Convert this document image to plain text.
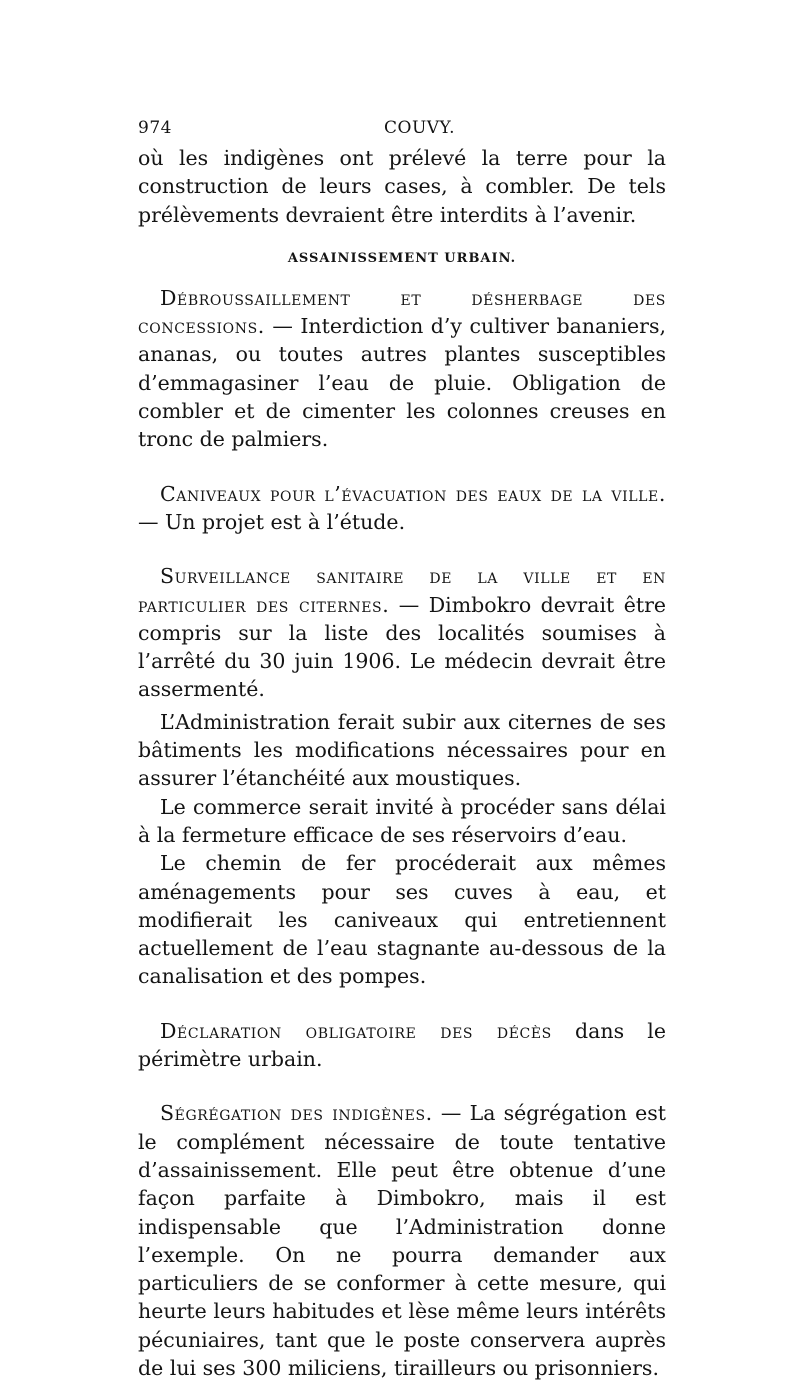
974	COUVY.

où les indigènes ont prélevé la terre pour la construction de leurs cases, à combler. De tels prélèvements devraient être interdits à l’avenir.

ASSAINISSEMENT URBAIN.

Débroussaillement et désherbage des concessions. — Interdiction d’y cultiver bananiers, ananas, ou toutes autres plantes susceptibles d’emmagasiner l’eau de pluie. Obligation de combler et de cimenter les colonnes creuses en tronc de palmiers.

Caniveaux pour l’évacuation des eaux de la ville. — Un projet est à l’étude.

Surveillance sanitaire de la ville et en particulier des citernes. — Dimbokro devrait être compris sur la liste des localités soumises à l’arrêté du 30 juin 1906. Le médecin devrait être assermenté.

L’Administration ferait subir aux citernes de ses bâtiments les modifications nécessaires pour en assurer l’étanchéité aux moustiques.

Le commerce serait invité à procéder sans délai à la fermeture efficace de ses réservoirs d’eau.

Le chemin de fer procéderait aux mêmes aménagements pour ses cuves à eau, et modifierait les caniveaux qui entretiennent actuellement de l’eau stagnante au-dessous de la canalisation et des pompes.

Déclaration obligatoire des décès dans le périmètre urbain.

Ségrégation des indigènes. — La ségrégation est le complément nécessaire de toute tentative d’assainissement. Elle peut être obtenue d’une façon parfaite à Dimbokro, mais il est indispensable que l’Administration donne l’exemple. On ne pourra demander aux particuliers de se conformer à cette mesure, qui heurte leurs habitudes et lèse même leurs intérêts pécuniaires, tant que le poste conservera auprès de lui ses 300 miliciens, tirailleurs ou prisonniers.
